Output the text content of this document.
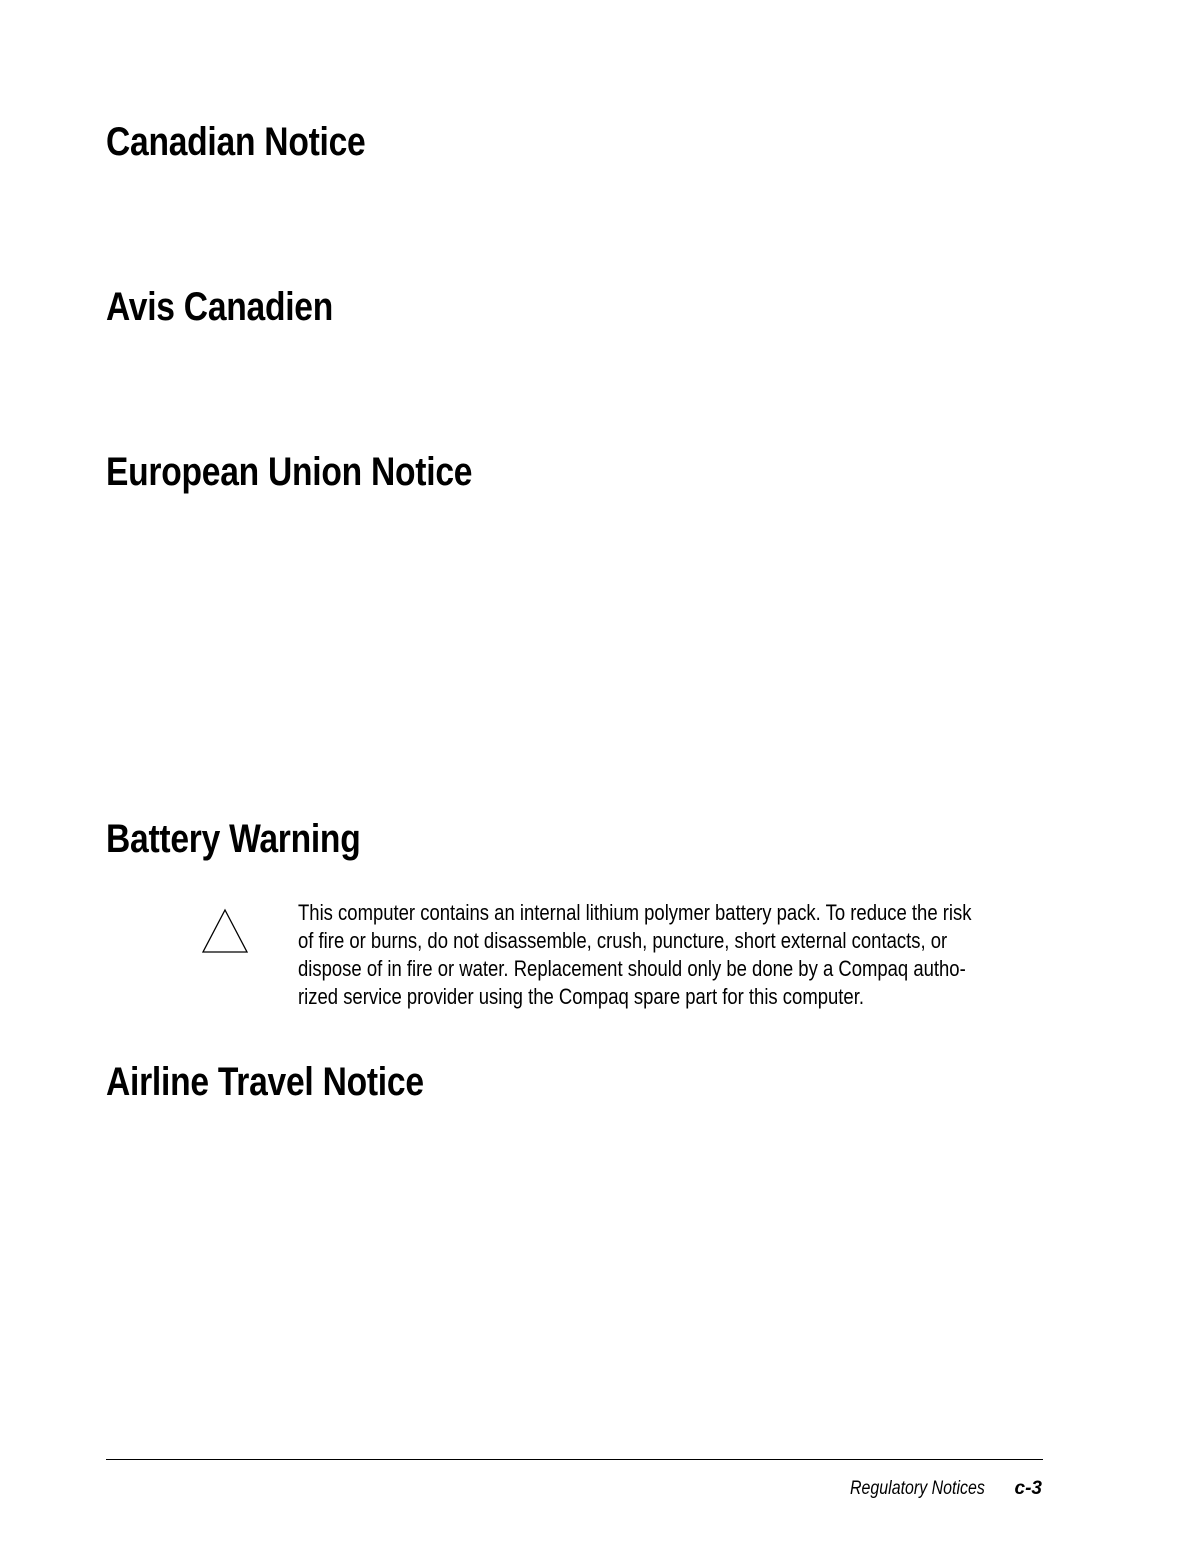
Canadian Notice
Avis Canadien
European Union Notice
Battery Warning

This computer contains an internal lithium polymer battery pack. To reduce the risk
of fire or burns, do not disassemble, crush, puncture, short external contacts, or
dispose of in fire or water. Replacement should only be done by a Compaq autho-
rized service provider using the Compaq spare part for this computer.

Airline Travel Notice
Regulatory Notices c-3
